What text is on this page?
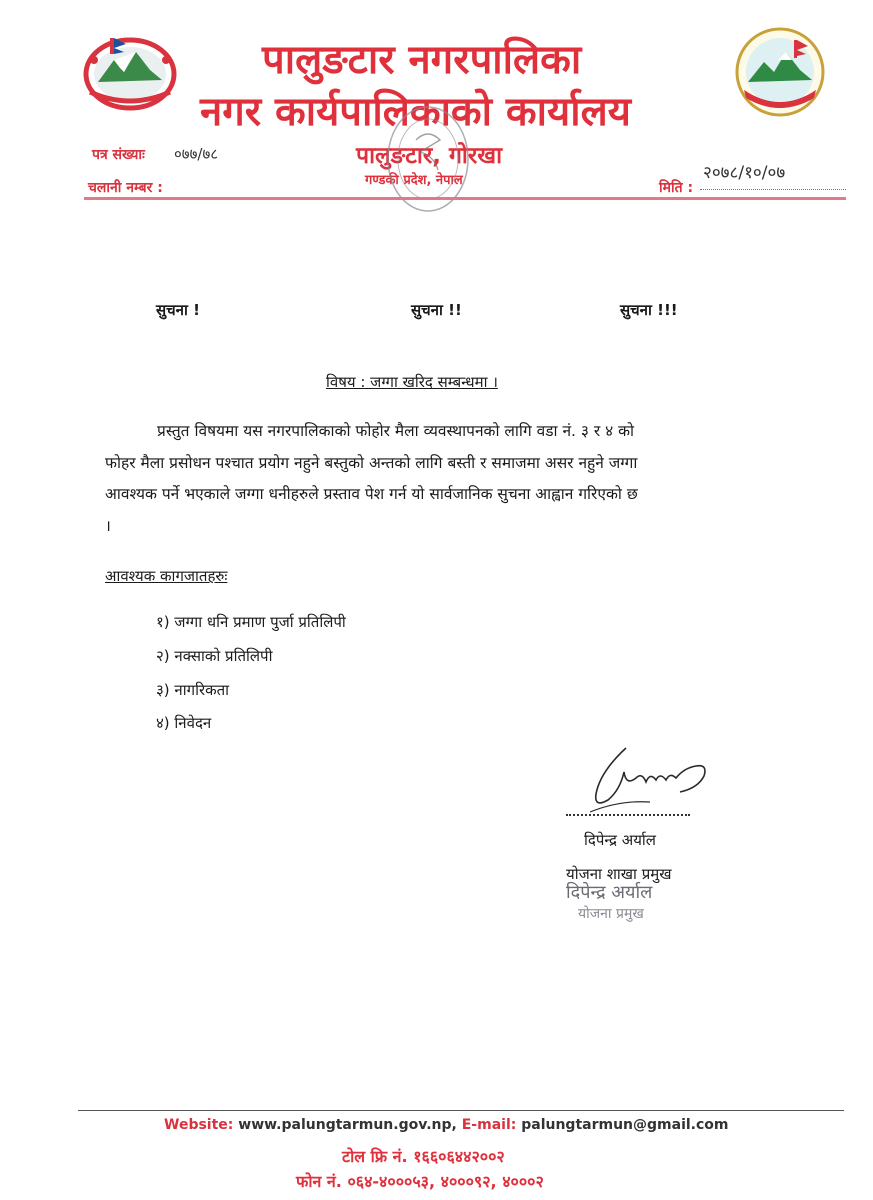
पालुङटार नगरपालिका
नगर कार्यपालिकाको कार्यालय
पालुङटार, गोरखा
गण्डकी प्रदेश, नेपाल
पत्र संख्याः ०७७/७८
चलानी नम्बर :	मिति :
२०७८/१०/०७
सुचना !	सुचना !!	सुचना !!!
विषय : जग्गा खरिद सम्बन्धमा ।
प्रस्तुत विषयमा यस नगरपालिकाको फोहोर मैला व्यवस्थापनको लागि वडा नं. ३ र ४ को
फोहर मैला प्रसोधन पश्चात प्रयोग नहुने बस्तुको अन्तको लागि बस्ती र समाजमा असर नहुने जग्गा
आवश्यक पर्ने भएकाले जग्गा धनीहरुले प्रस्ताव पेश गर्न यो सार्वजानिक सुचना आह्वान गरिएको छ
।
आवश्यक कागजातहरुः
१) जग्गा धनि प्रमाण पुर्जा प्रतिलिपी
२) नक्साको प्रतिलिपी
३) नागरिकता
४) निवेदन
दिपेन्द्र अर्याल
योजना शाखा प्रमुख
दिपेन्द्र अर्याल
योजना प्रमुख
Website: www.palungtarmun.gov.np, E-mail: palungtarmun@gmail.com
टोल फ्रि नं. १६६०६४४२००२
फोन नं. ०६४-४०००५३, ४०००९२, ४०००२
